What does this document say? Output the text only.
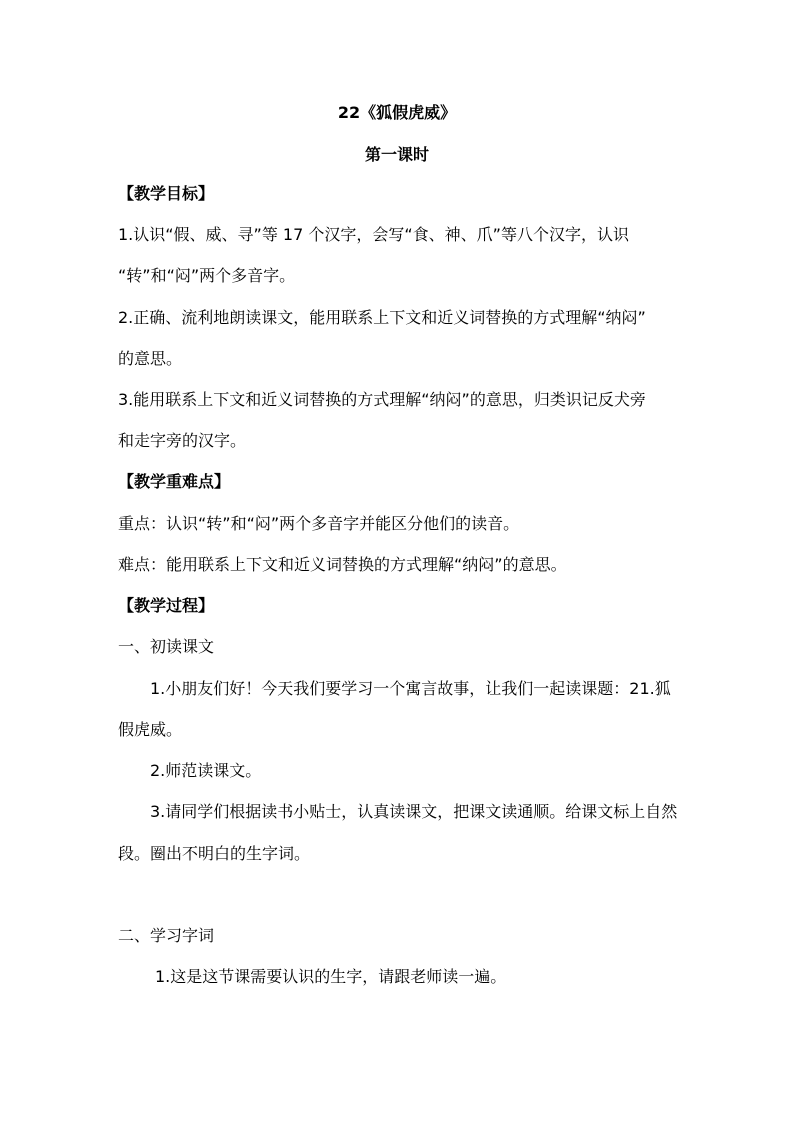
22《狐假虎威》
第一课时
【教学目标】
1.认识“假、威、寻”等 17 个汉字，会写“食、神、爪”等八个汉字，认识
“转”和“闷”两个多音字。
2.正确、流利地朗读课文，能用联系上下文和近义词替换的方式理解“纳闷”
的意思。
3.能用联系上下文和近义词替换的方式理解“纳闷”的意思，归类识记反犬旁
和走字旁的汉字。
【教学重难点】
重点：认识“转”和“闷”两个多音字并能区分他们的读音。
难点：能用联系上下文和近义词替换的方式理解“纳闷”的意思。
【教学过程】
一、初读课文
1.小朋友们好！今天我们要学习一个寓言故事，让我们一起读课题：21.狐
假虎威。
2.师范读课文。
3.请同学们根据读书小贴士，认真读课文，把课文读通顺。给课文标上自然
段。圈出不明白的生字词。
二、学习字词
1.这是这节课需要认识的生字，请跟老师读一遍。
